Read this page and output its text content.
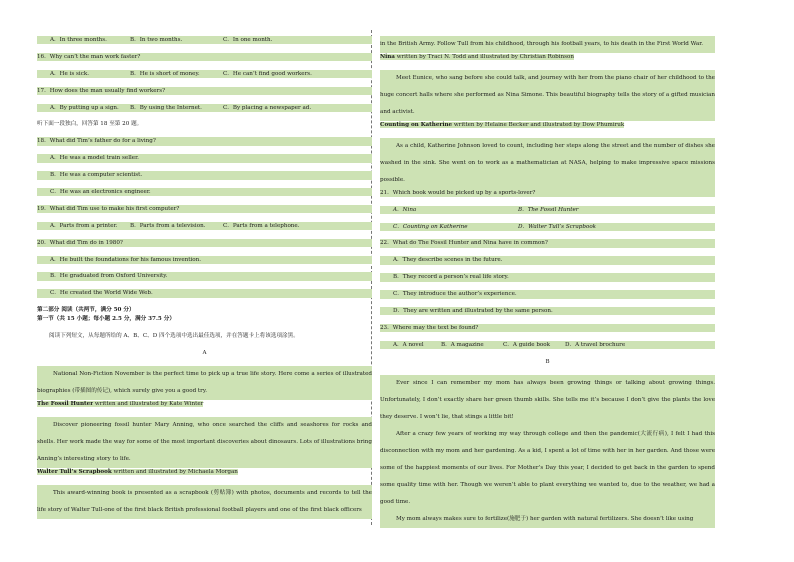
A．In three months.	B．In two months.	C．In one month.
16．Why can’t the man work faster?
A．He is sick.	B．He is short of money.	C．He can’t find good workers.
17．How does the man usually find workers?
A．By putting up a sign.	B．By using the Internet.	C．By placing a newspaper ad.
听下面一段独白，回答第 18 至第 20 题。
18．What did Tim’s father do for a living?
A．He was a model train seller.
B．He was a computer scientist.
C．He was an electronics engineer.
19．What did Tim use to make his first computer?
A．Parts from a printer.	B．Parts from a television.	C．Parts from a telephone.
20．What did Tim do in 1980?
A．He built the foundations for his famous invention.
B．He graduated from Oxford University.
C．He created the World Wide Web.
第二部分 阅读（共两节，满分 50 分）
第一节（共 15 小题；每小题 2.5 分，满分 37.5 分）
阅读下列短文，从每题所给的 A、B、C、D 四个选项中选出最佳选项，并在答题卡上将该选项涂黑。
A
National Non-Fiction November is the perfect time to pick up a true life story. Here come a series of illustrated biographies (带插图的传记), which surely give you a good try.
The Fossil Hunter written and illustrated by Kate Winter
Discover pioneering fossil hunter Mary Anning, who once searched the cliffs and seashores for rocks and shells. Her work made the way for some of the most important discoveries about dinosaurs. Lots of illustrations bring Anning’s interesting story to life.
Walter Tull’s Scrapbook written and illustrated by Michaela Morgan
This award-winning book is presented as a scrapbook (剪贴簿) with photos, documents and records to tell the life story of Walter Tull-one of the first black British professional football players and one of the first black officers
in the British Army. Follow Tull from his childhood, through his football years, to his death in the First World War.
Nina written by Traci N. Todd and illustrated by Christian Robinson
Meet Eunice, who sang before she could talk, and journey with her from the piano chair of her childhood to the huge concert halls where she performed as Nina Simone. This beautiful biography tells the story of a gifted musician and activist.
Counting on Katherine written by Helaine Becker and illustrated by Dow Phumiruk
As a child, Katherine Johnson loved to count, including her steps along the street and the number of dishes she washed in the sink. She went on to work as a mathematician at NASA, helping to make impressive space missions possible.
21．Which book would be picked up by a sports-lover?
A．Nina	B．The Fossil Hunter
C．Counting on Katherine	D．Walter Tull’s Scrapbook
22．What do The Fossil Hunter and Nina have in common?
A．They describe scenes in the future.
B．They record a person’s real life story.
C．They introduce the author’s experience.
D．They are written and illustrated by the same person.
23．Where may the text be found?
A．A novel	B．A magazine	C．A guide book	D．A travel brochure
B
Ever since I can remember my mom has always been growing things or talking about growing things. Unfortunately, I don’t exactly share her green thumb skills. She tells me it’s because I don’t give the plants the love they deserve. I won’t lie, that stings a little bit!
After a crazy few years of working my way through college and then the pandemic(大流行病), I felt I had this disconnection with my mom and her gardening. As a kid, I spent a lot of time with her in her garden. And those were some of the happiest moments of our lives. For Mother’s Day this year, I decided to get back in the garden to spend some quality time with her. Though we weren’t able to plant everything we wanted to, due to the weather, we had a good time.
My mom always makes sure to fertilize(施肥于) her garden with natural fertilizers. She doesn’t like using
